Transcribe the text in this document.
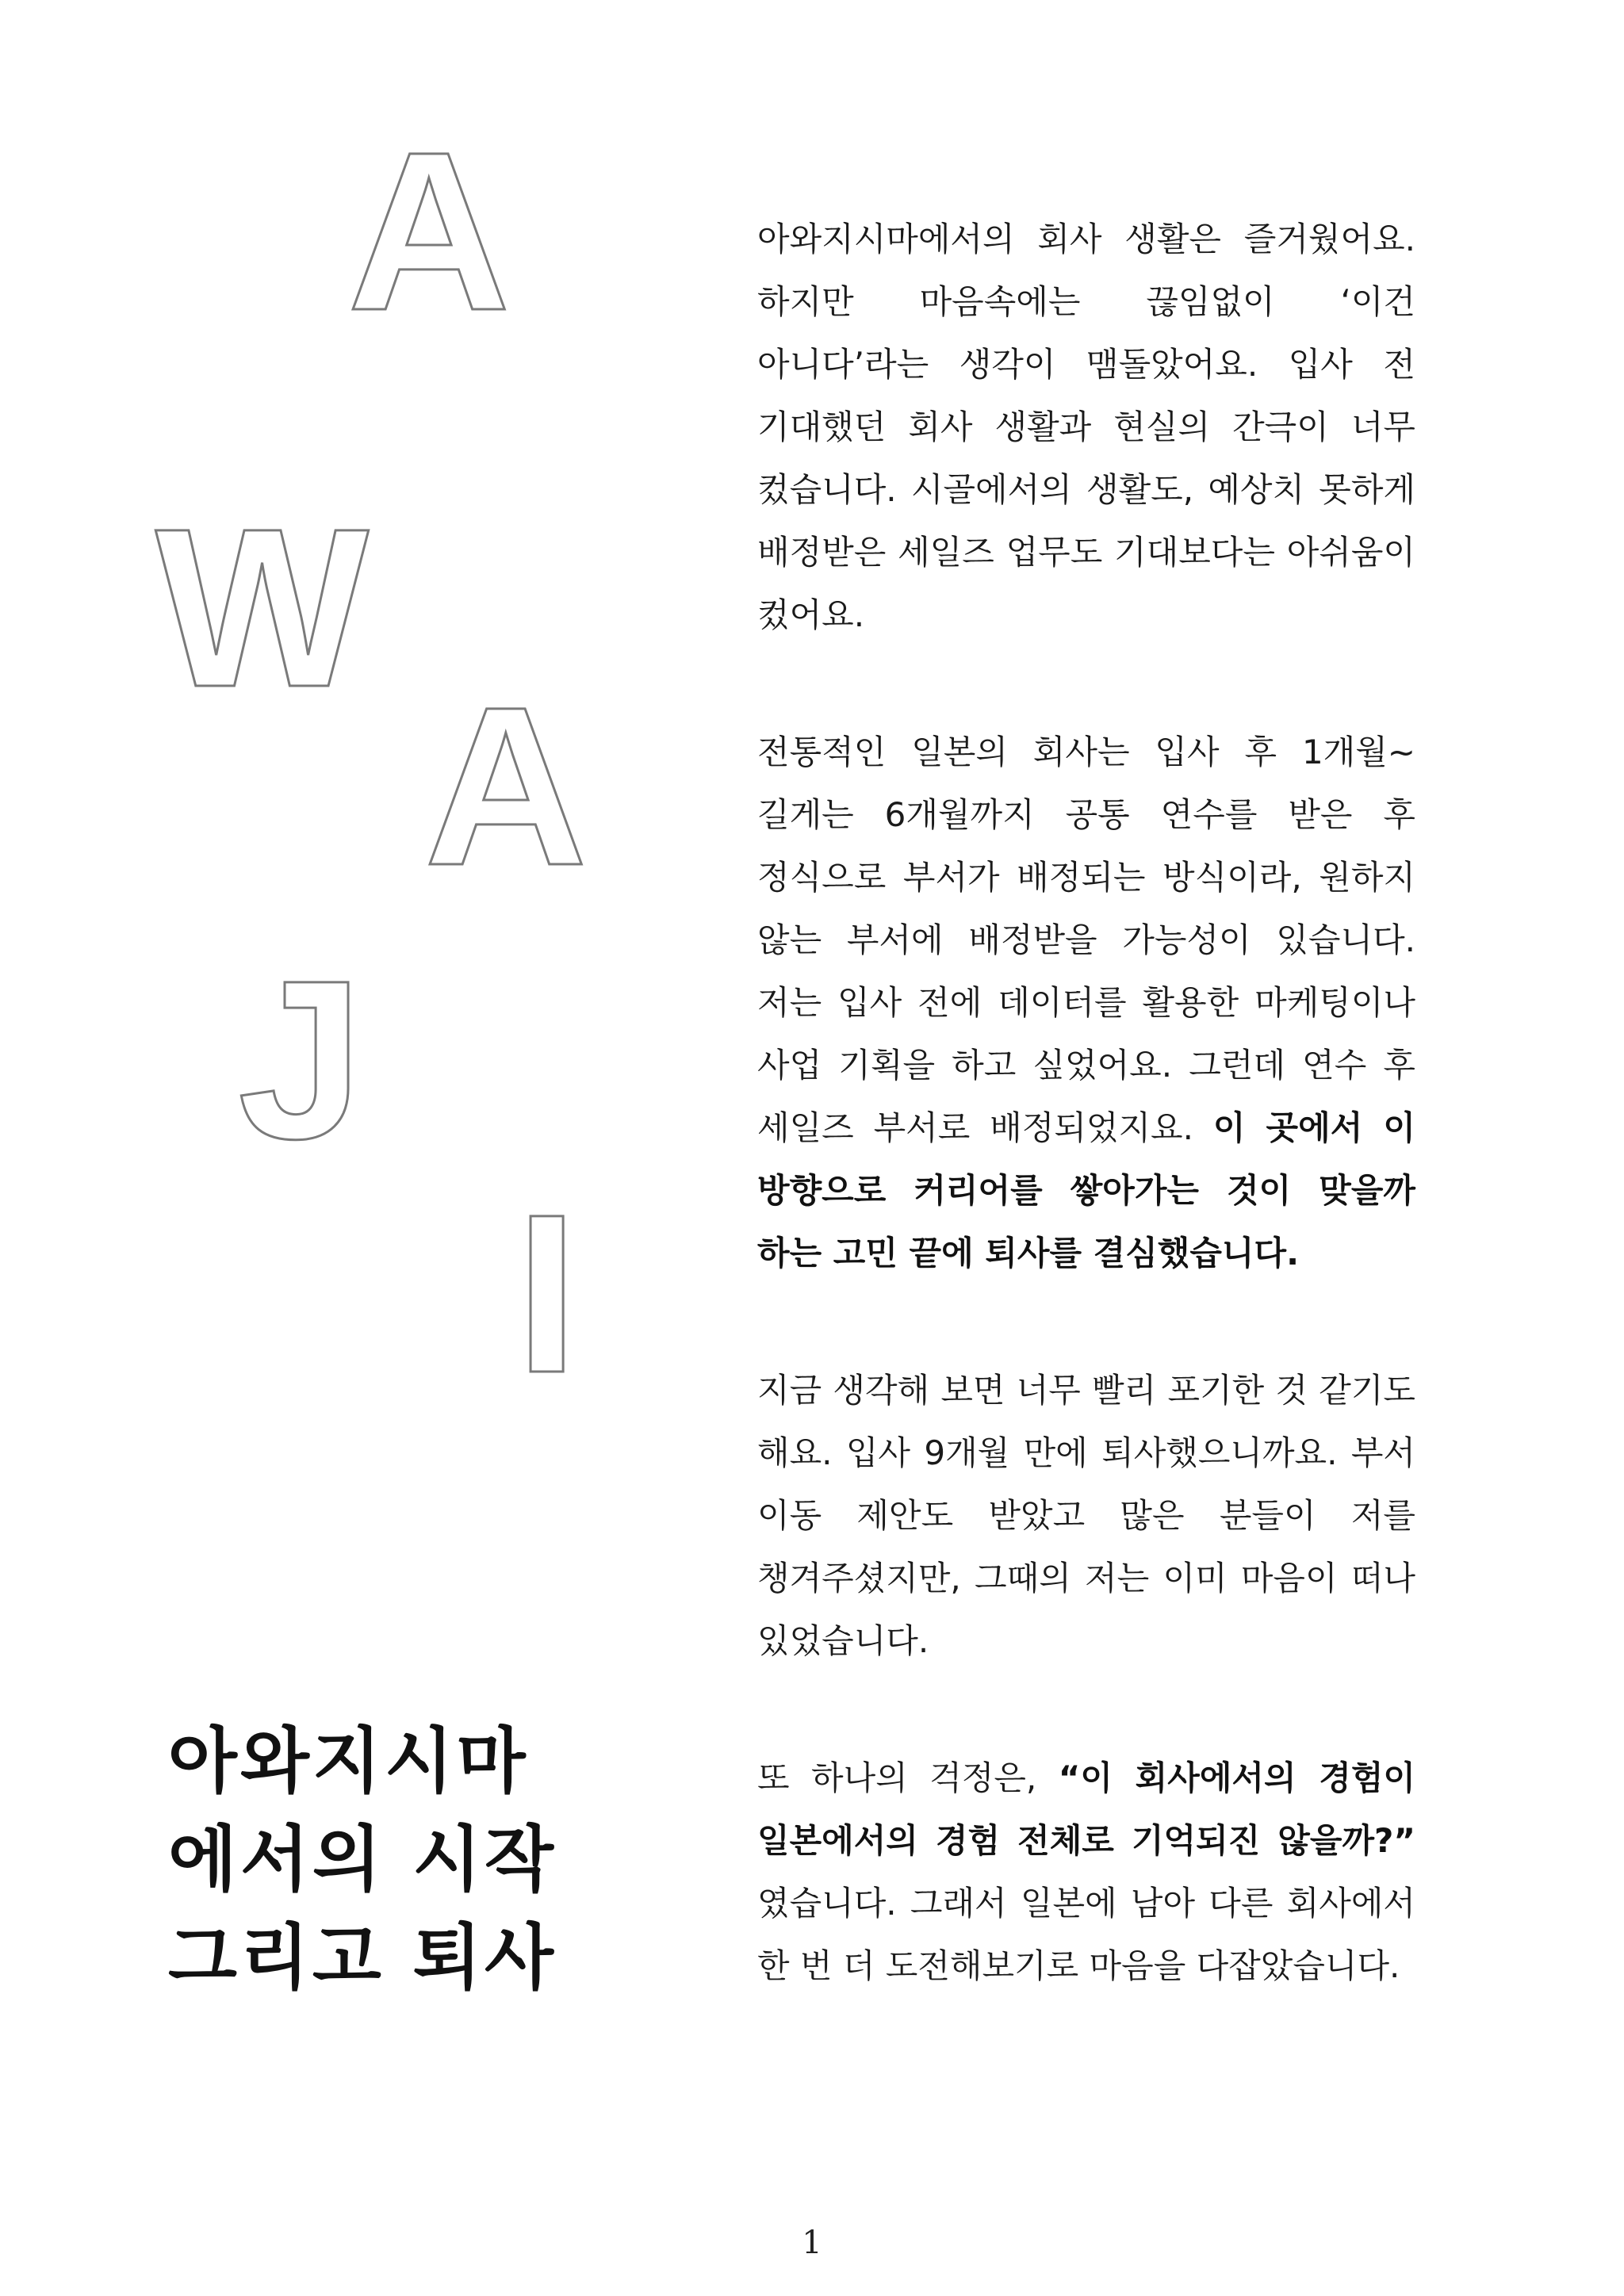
A
W
A
J
I
아와지시마
에서의 시작
그리고 퇴사

아와지시마에서의 회사 생활은 즐거웠어요. 하지만 마음속에는 끊임없이 ‘이건 아니다’라는 생각이 맴돌았어요. 입사 전 기대했던 회사 생활과 현실의 간극이 너무 컸습니다. 시골에서의 생활도, 예상치 못하게 배정받은 세일즈 업무도 기대보다는 아쉬움이 컸어요.

전통적인 일본의 회사는 입사 후 1개월~길게는 6개월까지 공통 연수를 받은 후 정식으로 부서가 배정되는 방식이라, 원하지 않는 부서에 배정받을 가능성이 있습니다. 저는 입사 전에 데이터를 활용한 마케팅이나 사업 기획을 하고 싶었어요. 그런데 연수 후 세일즈 부서로 배정되었지요. 이 곳에서 이 방향으로 커리어를 쌓아가는 것이 맞을까 하는 고민 끝에 퇴사를 결심했습니다.

지금 생각해 보면 너무 빨리 포기한 것 같기도 해요. 입사 9개월 만에 퇴사했으니까요. 부서 이동 제안도 받았고 많은 분들이 저를 챙겨주셨지만, 그때의 저는 이미 마음이 떠나 있었습니다.

또 하나의 걱정은, “이 회사에서의 경험이 일본에서의 경험 전체로 기억되진 않을까?” 였습니다. 그래서 일본에 남아 다른 회사에서 한 번 더 도전해보기로 마음을 다잡았습니다.

1
